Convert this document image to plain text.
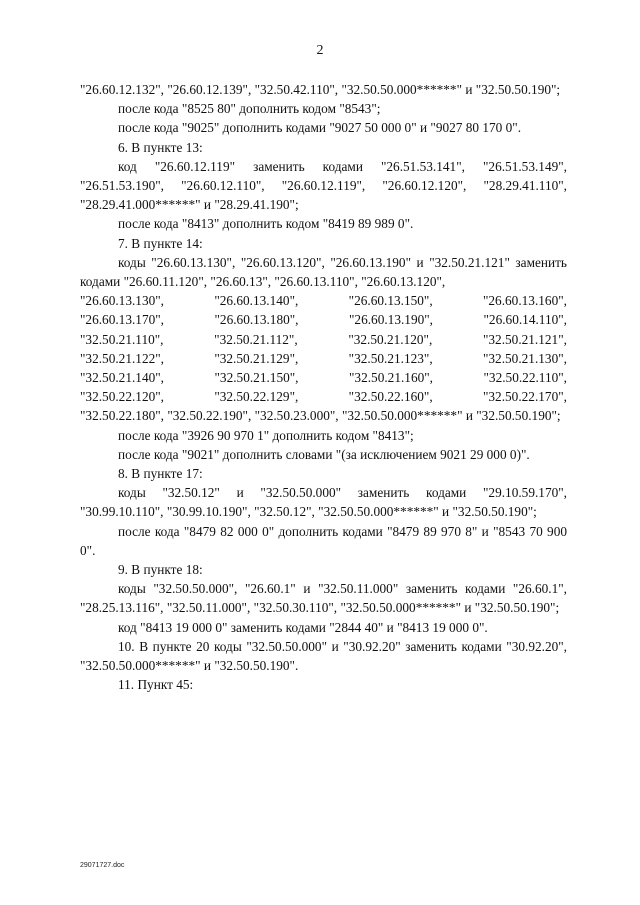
2

"26.60.12.132", "26.60.12.139", "32.50.42.110", "32.50.50.000******" и "32.50.50.190";

после кода "8525 80" дополнить кодом "8543";

после кода "9025" дополнить кодами "9027 50 000 0" и "9027 80 170 0".

6. В пункте 13:

код "26.60.12.119" заменить кодами "26.51.53.141", "26.51.53.149", "26.51.53.190", "26.60.12.110", "26.60.12.119", "26.60.12.120", "28.29.41.110", "28.29.41.000******" и "28.29.41.190";

после кода "8413" дополнить кодом "8419 89 989 0".

7. В пункте 14:

коды "26.60.13.130", "26.60.13.120", "26.60.13.190" и "32.50.21.121" заменить кодами "26.60.11.120", "26.60.13", "26.60.13.110", "26.60.13.120",

"26.60.13.130",	"26.60.13.140",	"26.60.13.150",	"26.60.13.160",
"26.60.13.170",	"26.60.13.180",	"26.60.13.190",	"26.60.14.110",
"32.50.21.110",	"32.50.21.112",	"32.50.21.120",	"32.50.21.121",
"32.50.21.122",	"32.50.21.129",	"32.50.21.123",	"32.50.21.130",
"32.50.21.140",	"32.50.21.150",	"32.50.21.160",	"32.50.22.110",
"32.50.22.120",	"32.50.22.129",	"32.50.22.160",	"32.50.22.170",

"32.50.22.180", "32.50.22.190", "32.50.23.000", "32.50.50.000******" и "32.50.50.190";

после кода "3926 90 970 1" дополнить кодом "8413";

после кода "9021" дополнить словами "(за исключением 9021 29 000 0)".

8. В пункте 17:

коды "32.50.12" и "32.50.50.000" заменить кодами "29.10.59.170", "30.99.10.110", "30.99.10.190", "32.50.12", "32.50.50.000******" и "32.50.50.190";

после кода "8479 82 000 0" дополнить кодами "8479 89 970 8" и "8543 70 900 0".

9. В пункте 18:

коды "32.50.50.000", "26.60.1" и "32.50.11.000" заменить кодами "26.60.1", "28.25.13.116", "32.50.11.000", "32.50.30.110", "32.50.50.000******" и "32.50.50.190";

код "8413 19 000 0" заменить кодами "2844 40" и "8413 19 000 0".

10. В пункте 20 коды "32.50.50.000" и "30.92.20" заменить кодами "30.92.20", "32.50.50.000******" и "32.50.50.190".

11. Пункт 45:

29071727.doc
